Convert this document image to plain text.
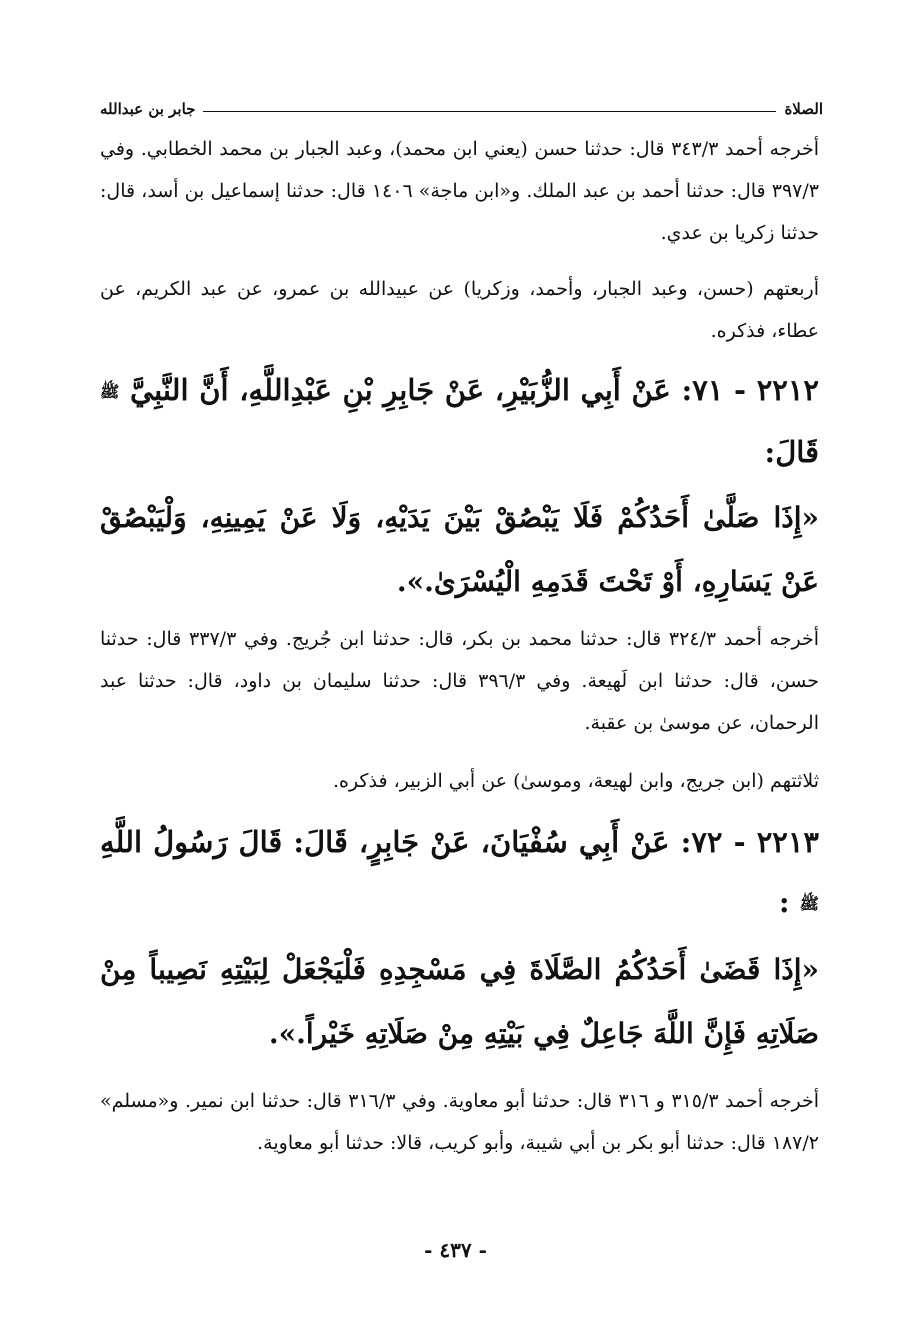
الصلاة
جابر بن عبدالله
أخرجه أحمد ٣٤٣/٣ قال: حدثنا حسن (يعني ابن محمد)، وعبد الجبار بن محمد الخطابي. وفي ٣٩٧/٣ قال: حدثنا أحمد بن عبد الملك. و«ابن ماجة» ١٤٠٦ قال: حدثنا إسماعيل بن أسد، قال: حدثنا زكريا بن عدي.
أربعتهم (حسن، وعبد الجبار، وأحمد، وزكريا) عن عبيدالله بن عمرو، عن عبد الكريم، عن عطاء، فذكره.
٢٢١٢ - ٧١: عَنْ أَبِي الزُّبَيْرِ، عَنْ جَابِرِ بْنِ عَبْدِاللَّهِ، أَنَّ النَّبِيَّ ﷺ قَالَ:
«إِذَا صَلَّىٰ أَحَدُكُمْ فَلَا يَبْصُقْ بَيْنَ يَدَيْهِ، وَلَا عَنْ يَمِينِهِ، وَلْيَبْصُقْ عَنْ يَسَارِهِ، أَوْ تَحْتَ قَدَمِهِ الْيُسْرَىٰ.».
أخرجه أحمد ٣٢٤/٣ قال: حدثنا محمد بن بكر، قال: حدثنا ابن جُريج. وفي ٣٣٧/٣ قال: حدثنا حسن، قال: حدثنا ابن لَهيعة. وفي ٣٩٦/٣ قال: حدثنا سليمان بن داود، قال: حدثنا عبد الرحمان، عن موسىٰ بن عقبة.
ثلاثتهم (ابن جريج، وابن لهيعة، وموسىٰ) عن أبي الزبير، فذكره.
٢٢١٣ - ٧٢: عَنْ أَبِي سُفْيَانَ، عَنْ جَابِرٍ، قَالَ: قَالَ رَسُولُ اللَّهِ ﷺ :
«إِذَا قَضَىٰ أَحَدُكُمُ الصَّلَاةَ فِي مَسْجِدِهِ فَلْيَجْعَلْ لِبَيْتِهِ نَصِيباً مِنْ صَلَاتِهِ فَإِنَّ اللَّهَ جَاعِلٌ فِي بَيْتِهِ مِنْ صَلَاتِهِ خَيْراً.».
أخرجه أحمد ٣١٥/٣ و ٣١٦ قال: حدثنا أبو معاوية. وفي ٣١٦/٣ قال: حدثنا ابن نمير. و«مسلم» ١٨٧/٢ قال: حدثنا أبو بكر بن أبي شيبة، وأبو كريب، قالا: حدثنا أبو معاوية.
- ٤٣٧ -
